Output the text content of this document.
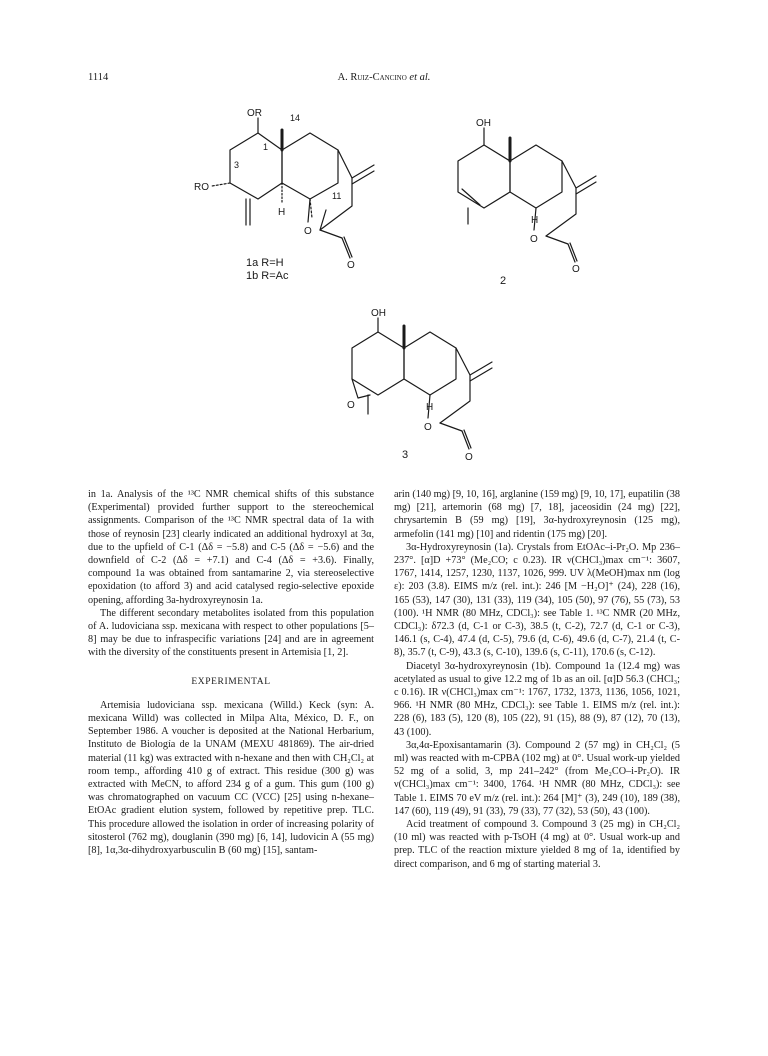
1114	A. Ruiz-Cancino et al.
OR	14
1
3
RO
H
11
O
O
1a R=H
1b R=Ac
OH
H
O
O
2
OH
O	H
O
O
3

in 1a. Analysis of the ¹³C NMR chemical shifts of this substance (Experimental) provided further support to the stereochemical assignments. Comparison of the ¹³C NMR spectral data of 1a with those of reynosin [23] clearly indicated an additional hydroxyl at 3α, due to the upfield of C-1 (Δδ = −5.8) and C-5 (Δδ = −5.6) and the downfield of C-2 (Δδ = +7.1) and C-4 (Δδ = +3.6). Finally, compound 1a was obtained from santamarine 2, via stereoselective epoxidation (to afford 3) and acid catalysed regio-selective epoxide opening, affording 3a-hydroxyreynosin 1a.

The different secondary metabolites isolated from this population of A. ludoviciana ssp. mexicana with respect to other populations [5–8] may be due to infraspecific variations [24] and are in agreement with the diversity of the constituents present in Artemisia [1, 2].

EXPERIMENTAL

Artemisia ludoviciana ssp. mexicana (Willd.) Keck (syn: A. mexicana Willd) was collected in Milpa Alta, México, D. F., on September 1986. A voucher is deposited at the National Herbarium, Instituto de Biología de la UNAM (MEXU 481869). The air-dried material (11 kg) was extracted with n-hexane and then with CH₂Cl₂ at room temp., affording 410 g of extract. This residue (300 g) was extracted with MeCN, to afford 234 g of a gum. This gum (100 g) was chromatographed on vacuum CC (VCC) [25] using n-hexane–EtOAc gradient elution system, followed by repetitive prep. TLC. This procedure allowed the isolation in order of increasing polarity of sitosterol (762 mg), douglanin (390 mg) [6, 14], ludovicin A (55 mg) [8], 1α,3α-dihydroxyarbusculin B (60 mg) [15], santam-

arin (140 mg) [9, 10, 16], arglanine (159 mg) [9, 10, 17], eupatilin (38 mg) [21], artemorin (68 mg) [7, 18], jaceosidin (24 mg) [22], chrysartemin B (59 mg) [19], 3α-hydroxyreynosin (125 mg), armefolin (141 mg) [10] and ridentin (175 mg) [20].

3α-Hydroxyreynosin (1a). Crystals from EtOAc–i-Pr₂O. Mp 236–237°. [α]D +73° (Me₂CO; c 0.23). IR ν(CHCl₃)max cm⁻¹: 3607, 1767, 1414, 1257, 1230, 1137, 1026, 999. UV λ(MeOH)max nm (log ε): 203 (3.8). EIMS m/z (rel. int.): 246 [M −H₂O]⁺ (24), 228 (16), 165 (53), 147 (30), 131 (33), 119 (34), 105 (50), 97 (76), 55 (73), 53 (100). ¹H NMR (80 MHz, CDCl₃): see Table 1. ¹³C NMR (20 MHz, CDCl₃): δ72.3 (d, C-1 or C-3), 38.5 (t, C-2), 72.7 (d, C-1 or C-3), 146.1 (s, C-4), 47.4 (d, C-5), 79.6 (d, C-6), 49.6 (d, C-7), 21.4 (t, C-8), 35.7 (t, C-9), 43.3 (s, C-10), 139.6 (s, C-11), 170.6 (s, C-12).

Diacetyl 3α-hydroxyreynosin (1b). Compound 1a (12.4 mg) was acetylated as usual to give 12.2 mg of 1b as an oil. [α]D 56.3 (CHCl₃; c 0.16). IR ν(CHCl₃)max cm⁻¹: 1767, 1732, 1373, 1136, 1056, 1021, 966. ¹H NMR (80 MHz, CDCl₃): see Table 1. EIMS m/z (rel. int.): 228 (6), 183 (5), 120 (8), 105 (22), 91 (15), 88 (9), 87 (12), 70 (13), 43 (100).

3α,4α-Epoxisantamarin (3). Compound 2 (57 mg) in CH₂Cl₂ (5 ml) was reacted with m-CPBA (102 mg) at 0°. Usual work-up yielded 52 mg of a solid, 3, mp 241–242° (from Me₂CO–i-Pr₂O). IR ν(CHCl₃)max cm⁻¹: 3400, 1764. ¹H NMR (80 MHz, CDCl₃): see Table 1. EIMS 70 eV m/z (rel. int.): 264 [M]⁺ (3), 249 (10), 189 (38), 147 (60), 119 (49), 91 (33), 79 (33), 77 (32), 53 (50), 43 (100).

Acid treatment of compound 3. Compound 3 (25 mg) in CH₂Cl₂ (10 ml) was reacted with p-TsOH (4 mg) at 0°. Usual work-up and prep. TLC of the reaction mixture yielded 8 mg of 1a, identified by direct comparison, and 6 mg of starting material 3.
